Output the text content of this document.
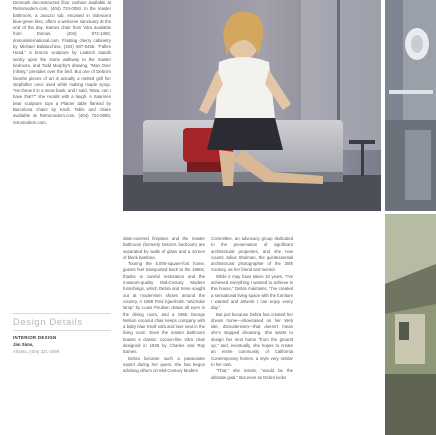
Denmark deconstructed floor cushion available at Retromodern.com, (404) 724-0093. In the master bathroom, a Jacuzzi tub, encased in iridescent blue-green tiles, offers a welcome sanctuary at the end of the day. Eames chair from Vitra available from Domus, (404) 872-1050, domusinternational.com. Floating cherry cabinetry by Michael Baldacchino, (404) 607-0455. "Fallen Head," a bronze sculpture by Laatsch stands sentry upon the stone walkway to the master bedroom, and Todd Murphy's drawing, "Man Over Infinity," presides over the bed. But one of Debra's favorite pieces of art is actually a melted grill her stepfather once used while making maple syrup. "He threw it in a snow bank, and I said, 'Wow, can I have that?'" she recalls with a laugh. A Saarinen bear sculpture tops a Platner table flanked by Barcelona chairs by Knoll. Table and chairs available at Retromodern.com, (404) 724-0093, retromodern.com.

Design Details
INTERIOR DESIGN
Jim Sims,
Atlanta, (404) 321-1999

slate-covered fireplace and the master bathroom (formerly Debra's bedroom) are separated by walls of glass and a screen of black bamboo.

Touring the 5,000-square-foot home, guests feel transported back to the 1950s, thanks to careful restoration and the museum-quality Mid-Century Modern furnishings, which Debra and Irene sought out at modernism shows around the country. A 1958 Poul Kjaerholm "artichoke lamp" by Louis Poulsen draws all eyes in the dining room, and a 1965 George Nelson coconut chair keeps company with a baby blue Knoll sofa and love seat in the living room. Even the master bathroom boasts a classic: cocoon-like Vitra chair designed in 1948 by Charles and Ray Eames.

Debra became such a passionate expert during her quest, she has begun advising others on Mid-Century Modern

Committee, an advocacy group dedicated to the preservation of significant architectural properties, and she now counts Julius Shulman, the quintessential architectural photographer of the 20th Century, as her friend and mentor.

While it may have taken 10 years, "I've achieved everything I wanted to achieve in this house," Debra maintains. "I've created a sensational living space with the furniture I wanted and artwork I can enjoy every day."

But just because Debra has created her dream home—showcased on her Web site, dsmodernism—that doesn't mean she's stopped dreaming. She wants to design her next home "from the ground up," and, eventually, she hopes to create an entire community of California Contemporary homes, a style very similar to her own.

"That," she insists, "would be the ultimate goal." But even as Debra looks
